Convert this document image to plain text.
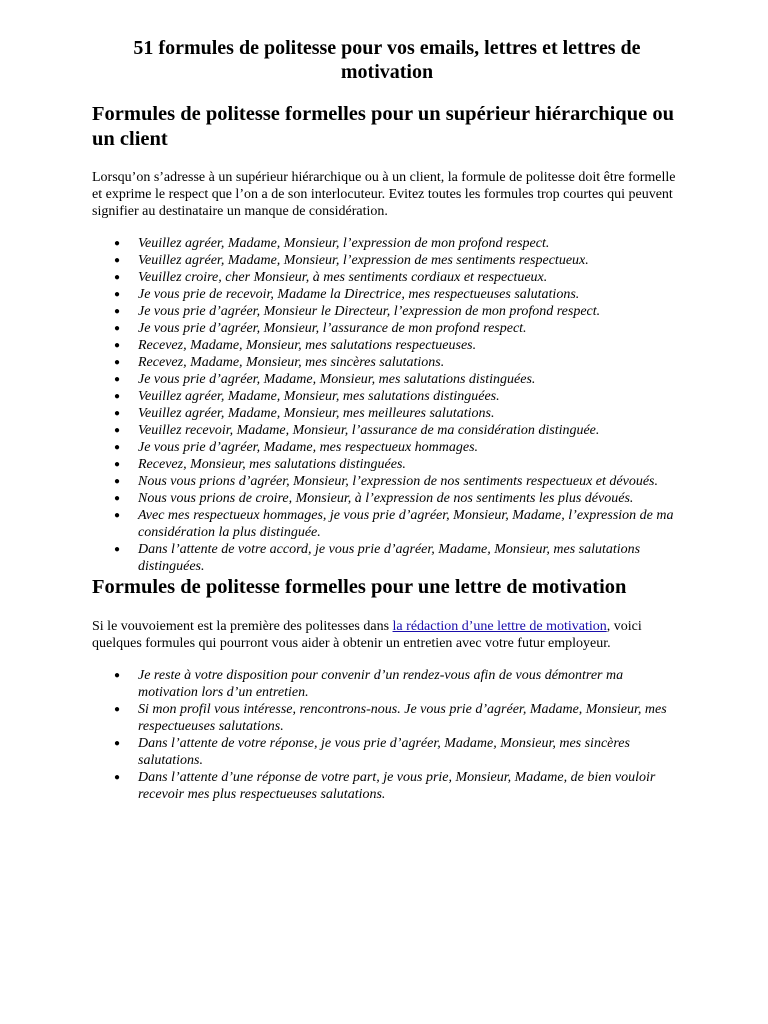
51 formules de politesse pour vos emails, lettres et lettres de motivation
Formules de politesse formelles pour un supérieur hiérarchique ou un client

Lorsqu’on s’adresse à un supérieur hiérarchique ou à un client, la formule de politesse doit être formelle et exprime le respect que l’on a de son interlocuteur. Evitez toutes les formules trop courtes qui peuvent signifier au destinataire un manque de considération.

● Veuillez agréer, Madame, Monsieur, l’expression de mon profond respect.
● Veuillez agréer, Madame, Monsieur, l’expression de mes sentiments respectueux.
● Veuillez croire, cher Monsieur, à mes sentiments cordiaux et respectueux.
● Je vous prie de recevoir, Madame la Directrice, mes respectueuses salutations.
● Je vous prie d’agréer, Monsieur le Directeur, l’expression de mon profond respect.
● Je vous prie d’agréer, Monsieur, l’assurance de mon profond respect.
● Recevez, Madame, Monsieur, mes salutations respectueuses.
● Recevez, Madame, Monsieur, mes sincères salutations.
● Je vous prie d’agréer, Madame, Monsieur, mes salutations distinguées.
● Veuillez agréer, Madame, Monsieur, mes salutations distinguées.
● Veuillez agréer, Madame, Monsieur, mes meilleures salutations.
● Veuillez recevoir, Madame, Monsieur, l’assurance de ma considération distinguée.
● Je vous prie d’agréer, Madame, mes respectueux hommages.
● Recevez, Monsieur, mes salutations distinguées.
● Nous vous prions d’agréer, Monsieur, l’expression de nos sentiments respectueux et dévoués.
● Nous vous prions de croire, Monsieur, à l’expression de nos sentiments les plus dévoués.
● Avec mes respectueux hommages, je vous prie d’agréer, Monsieur, Madame, l’expression de ma considération la plus distinguée.
● Dans l’attente de votre accord, je vous prie d’agréer, Madame, Monsieur, mes salutations distinguées.
Formules de politesse formelles pour une lettre de motivation

Si le vouvoiement est la première des politesses dans la rédaction d’une lettre de motivation, voici quelques formules qui pourront vous aider à obtenir un entretien avec votre futur employeur.

● Je reste à votre disposition pour convenir d’un rendez-vous afin de vous démontrer ma motivation lors d’un entretien.
● Si mon profil vous intéresse, rencontrons-nous. Je vous prie d’agréer, Madame, Monsieur, mes respectueuses salutations.
● Dans l’attente de votre réponse, je vous prie d’agréer, Madame, Monsieur, mes sincères salutations.
● Dans l’attente d’une réponse de votre part, je vous prie, Monsieur, Madame, de bien vouloir recevoir mes plus respectueuses salutations.
